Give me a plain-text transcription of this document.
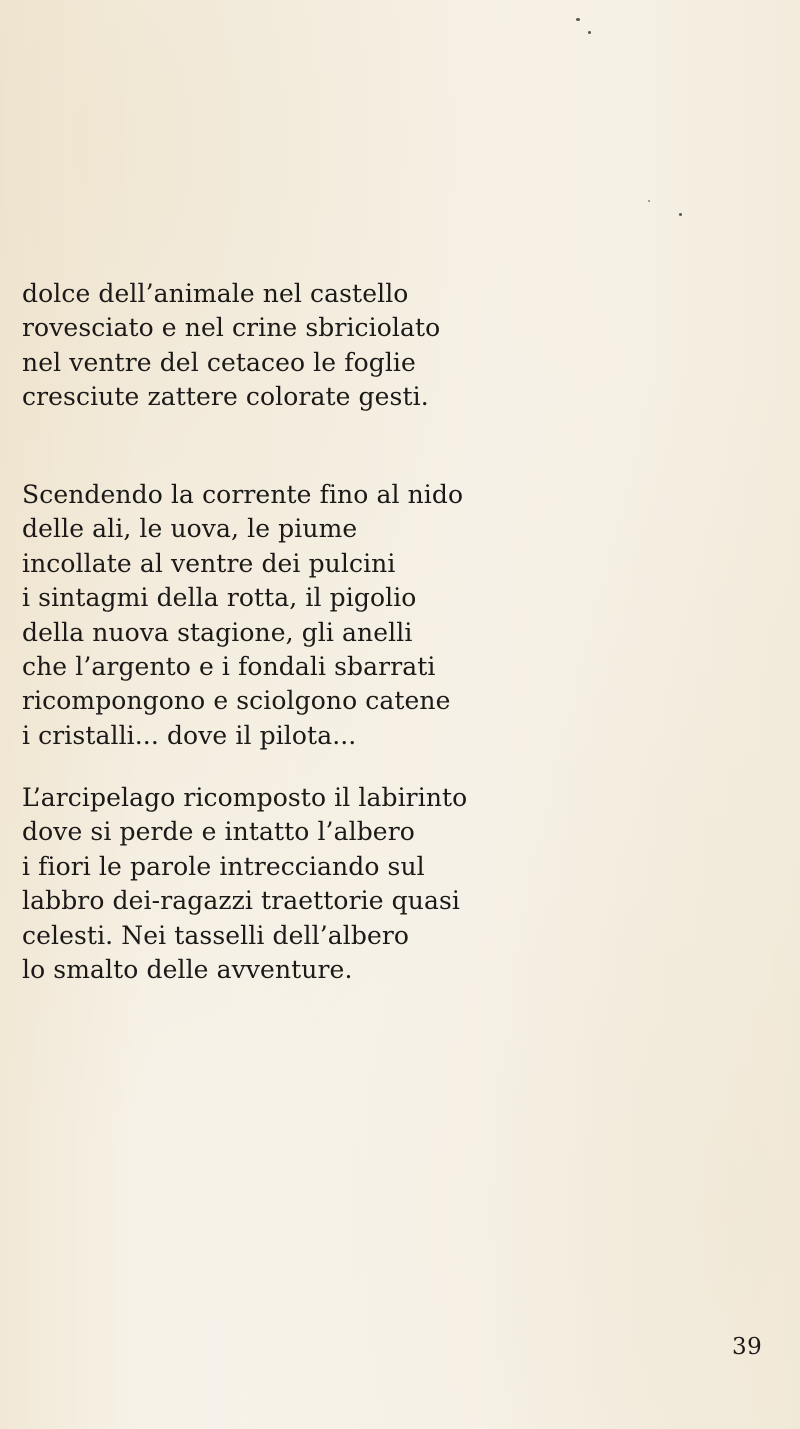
dolce dell’animale nel castello
rovesciato e nel crine sbriciolato
nel ventre del cetaceo le foglie
cresciute zattere colorate gesti.
Scendendo la corrente fino al nido
delle ali, le uova, le piume
incollate al ventre dei pulcini
i sintagmi della rotta, il pigolio
della nuova stagione, gli anelli
che l’argento e i fondali sbarrati
ricompongono e sciolgono catene
i cristalli... dove il pilota...
L’arcipelago ricomposto il labirinto
dove si perde e intatto l’albero
i fiori le parole intrecciando sul
labbro dei-ragazzi traettorie quasi
celesti. Nei tasselli dell’albero
lo smalto delle avventure.
39
